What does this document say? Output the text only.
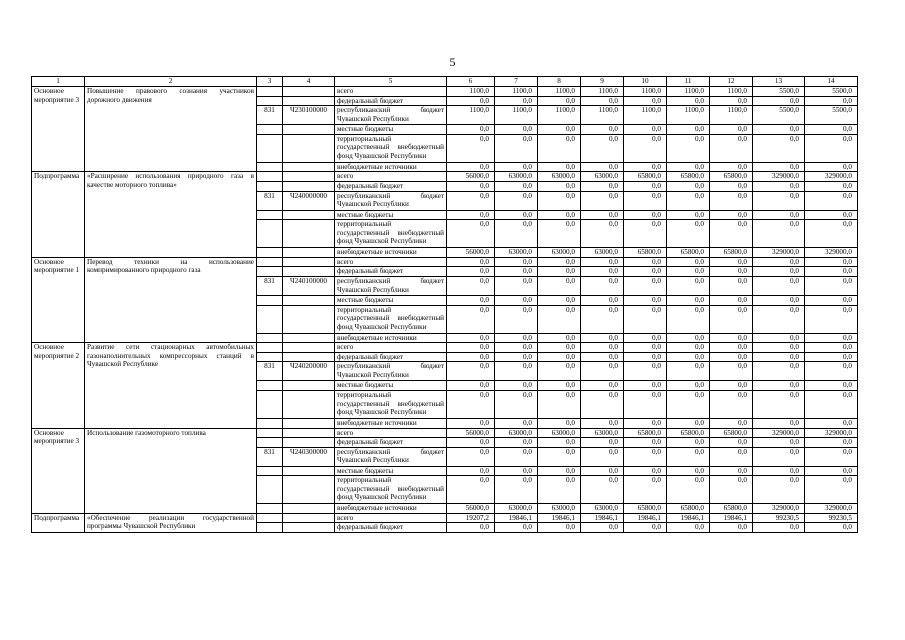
5
1	2	3	4	5	6	7	8	9	10	11	12	13	14
Основное мероприятие 3	Повышение правового сознания участников дорожного движения			всего	1100,0	1100,0	1100,0	1100,0	1100,0	1100,0	1100,0	5500,0	5500,0
				федеральный бюджет	0,0	0,0	0,0	0,0	0,0	0,0	0,0	0,0	0,0
		831	Ч230100000	республиканский бюджет Чувашской Республики	1100,0	1100,0	1100,0	1100,0	1100,0	1100,0	1100,0	5500,0	5500,0
				местные бюджеты	0,0	0,0	0,0	0,0	0,0	0,0	0,0	0,0	0,0
				территориальный государственный внебюджетный фонд Чувашской Республики	0,0	0,0	0,0	0,0	0,0	0,0	0,0	0,0	0,0
				внебюджетные источники	0,0	0,0	0,0	0,0	0,0	0,0	0,0	0,0	0,0
Подпрограмма	«Расширение использования природного газа в качестве моторного топлива»			всего	56000,0	63000,0	63000,0	63000,0	65800,0	65800,0	65800,0	329000,0	329000,0
				федеральный бюджет	0,0	0,0	0,0	0,0	0,0	0,0	0,0	0,0	0,0
		831	Ч240000000	республиканский бюджет Чувашской Республики	0,0	0,0	0,0	0,0	0,0	0,0	0,0	0,0	0,0
				местные бюджеты	0,0	0,0	0,0	0,0	0,0	0,0	0,0	0,0	0,0
				территориальный государственный внебюджетный фонд Чувашской Республики	0,0	0,0	0,0	0,0	0,0	0,0	0,0	0,0	0,0
				внебюджетные источники	56000,0	63000,0	63000,0	63000,0	65800,0	65800,0	65800,0	329000,0	329000,0
Основное мероприятие 1	Перевод техники на использование компримированного природного газа			всего	0,0	0,0	0,0	0,0	0,0	0,0	0,0	0,0	0,0
				федеральный бюджет	0,0	0,0	0,0	0,0	0,0	0,0	0,0	0,0	0,0
		831	Ч240100000	республиканский бюджет Чувашской Республики	0,0	0,0	0,0	0,0	0,0	0,0	0,0	0,0	0,0
				местные бюджеты	0,0	0,0	0,0	0,0	0,0	0,0	0,0	0,0	0,0
				территориальный государственный внебюджетный фонд Чувашской Республики	0,0	0,0	0,0	0,0	0,0	0,0	0,0	0,0	0,0
				внебюджетные источники	0,0	0,0	0,0	0,0	0,0	0,0	0,0	0,0	0,0
Основное мероприятие 2	Развитие сети стационарных автомобильных газонаполнительных компрессорных станций в Чувашской Республике			всего	0,0	0,0	0,0	0,0	0,0	0,0	0,0	0,0	0,0
				федеральный бюджет	0,0	0,0	0,0	0,0	0,0	0,0	0,0	0,0	0,0
		831	Ч240200000	республиканский бюджет Чувашской Республики	0,0	0,0	0,0	0,0	0,0	0,0	0,0	0,0	0,0
				местные бюджеты	0,0	0,0	0,0	0,0	0,0	0,0	0,0	0,0	0,0
				территориальный государственный внебюджетный фонд Чувашской Республики	0,0	0,0	0,0	0,0	0,0	0,0	0,0	0,0	0,0
				внебюджетные источники	0,0	0,0	0,0	0,0	0,0	0,0	0,0	0,0	0,0
Основное мероприятие 3	Использование газомоторного топлива			всего	56000,0	63000,0	63000,0	63000,0	65800,0	65800,0	65800,0	329000,0	329000,0
				федеральный бюджет	0,0	0,0	0,0	0,0	0,0	0,0	0,0	0,0	0,0
		831	Ч240300000	республиканский бюджет Чувашской Республики	0,0	0,0	0,0	0,0	0,0	0,0	0,0	0,0	0,0
				местные бюджеты	0,0	0,0	0,0	0,0	0,0	0,0	0,0	0,0	0,0
				территориальный государственный внебюджетный фонд Чувашской Республики	0,0	0,0	0,0	0,0	0,0	0,0	0,0	0,0	0,0
				внебюджетные источники	56000,0	63000,0	63000,0	63000,0	65800,0	65800,0	65800,0	329000,0	329000,0
Подпрограмма	«Обеспечение реализации государственной программы Чувашской Республики			всего	19207,2	19846,1	19846,1	19846,1	19846,1	19846,1	19846,1	99230,5	99230,5
				федеральный бюджет	0,0	0,0	0,0	0,0	0,0	0,0	0,0	0,0	0,0
